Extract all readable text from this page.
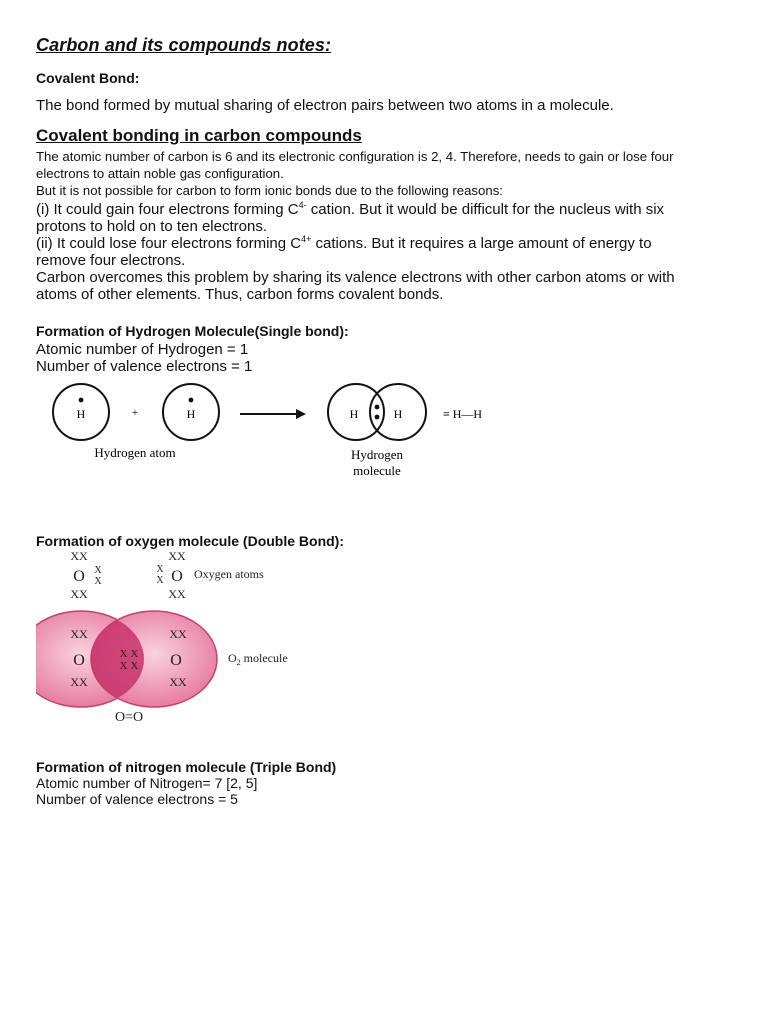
Carbon and its compounds notes:
Covalent Bond:
The bond formed by mutual sharing of electron pairs between two atoms in a molecule.
Covalent bonding in carbon compounds
The atomic number of carbon is 6 and its electronic configuration is 2, 4. Therefore, needs to gain or lose four
electrons to attain noble gas configuration.
But it is not possible for carbon to form ionic bonds due to the following reasons:
(i) It could gain four electrons forming $C^{4-}$ cation. But it would be difficult for the nucleus with six
protons to hold on to ten electrons.
(ii) It could lose four electrons forming $C^{4+}$ cations. But it requires a large amount of energy to
remove four electrons.
Carbon overcomes this problem by sharing its valence electrons with other carbon atoms or with
atoms of other elements. Thus, carbon forms covalent bonds.
Formation of Hydrogen Molecule(Single bond):
Atomic number of Hydrogen = 1
Number of valence electrons = 1
H	+	H	H	H	≡ H—H
Hydrogen atom	Hydrogen
molecule
Formation of oxygen molecule (Double Bond):
XX
O X
X
XX
XX
X
X O
XX
Oxygen atoms
XX
O
XX
XX
O
XX
X X
X X
$O_2$ molecule
O=O
Formation of nitrogen molecule (Triple Bond)
Atomic number of Nitrogen= 7 [2, 5]
Number of valence electrons = 5
